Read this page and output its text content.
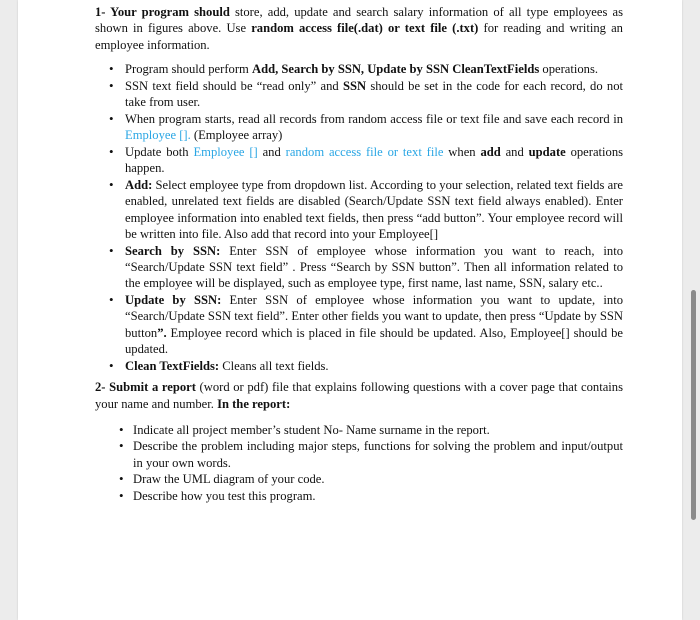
1- Your program should store, add, update and search salary information of all type employees as shown in figures above. Use random access file(.dat) or text file (.txt) for reading and writing an employee information.

• Program should perform Add, Search by SSN, Update by SSN CleanTextFields operations.
• SSN text field should be “read only” and SSN should be set in the code for each record, do not take from user.
• When program starts, read all records from random access file or text file and save each record in Employee []. (Employee array)
• Update both Employee [] and random access file or text file when add and update operations happen.
• Add: Select employee type from dropdown list. According to your selection, related text fields are enabled, unrelated text fields are disabled (Search/Update SSN text field always enabled). Enter employee information into enabled text fields, then press “add button”. Your employee record will be written into file. Also add that record into your Employee[]
• Search by SSN: Enter SSN of employee whose information you want to reach, into “Search/Update SSN text field” . Press “Search by SSN button”. Then all information related to the employee will be displayed, such as employee type, first name, last name, SSN, salary etc..
• Update by SSN: Enter SSN of employee whose information you want to update, into “Search/Update SSN text field”. Enter other fields you want to update, then press “Update by SSN button”. Employee record which is placed in file should be updated. Also, Employee[] should be updated.
• Clean TextFields: Cleans all text fields.

2- Submit a report (word or pdf) file that explains following questions with a cover page that contains your name and number. In the report:

• Indicate all project member’s student No- Name surname in the report.
• Describe the problem including major steps, functions for solving the problem and input/output in your own words.
• Draw the UML diagram of your code.
• Describe how you test this program.
